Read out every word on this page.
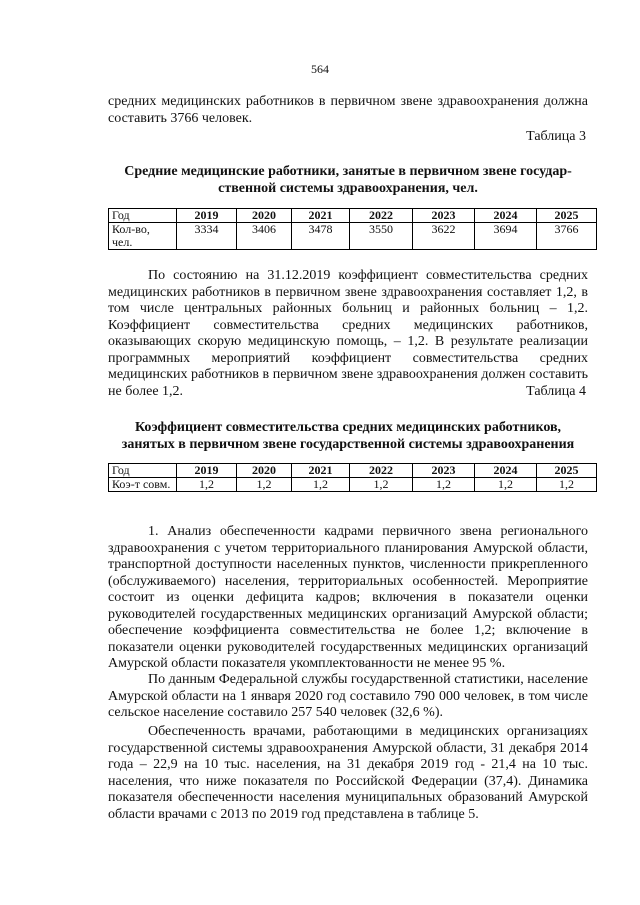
564

средних медицинских работников в первичном звене здравоохранения должна составить 3766 человек.

Таблица 3

Средние медицинские работники, занятые в первичном звене государ-
ственной системы здравоохранения, чел.

Год	2019	2020	2021	2022	2023	2024	2025
Кол-во, чел.	3334	3406	3478	3550	3622	3694	3766

По состоянию на 31.12.2019 коэффициент совместительства средних медицинских работников в первичном звене здравоохранения составляет 1,2, в том числе центральных районных больниц и районных больниц – 1,2. Коэффициент совместительства средних медицинских работников, оказывающих скорую медицинскую помощь, – 1,2. В результате реализации программных мероприятий коэффициент совместительства средних медицинских работников в первичном звене здравоохранения должен составить не более 1,2.	Таблица 4

Коэффициент совместительства средних медицинских работников,
занятых в первичном звене государственной системы здравоохранения

Год	2019	2020	2021	2022	2023	2024	2025
Коэ-т совм.	1,2	1,2	1,2	1,2	1,2	1,2	1,2

1. Анализ обеспеченности кадрами первичного звена регионального здравоохранения с учетом территориального планирования Амурской области, транспортной доступности населенных пунктов, численности прикрепленного (обслуживаемого) населения, территориальных особенностей. Мероприятие состоит из оценки дефицита кадров; включения в показатели оценки руководителей государственных медицинских организаций Амурской области; обеспечение коэффициента совместительства не более 1,2; включение в показатели оценки руководителей государственных медицинских организаций Амурской области показателя укомплектованности не менее 95 %.

По данным Федеральной службы государственной статистики, население Амурской области на 1 января 2020 год составило 790 000 человек, в том числе сельское население составило 257 540 человек (32,6 %).

Обеспеченность врачами, работающими в медицинских организациях государственной системы здравоохранения Амурской области, 31 декабря 2014 года – 22,9 на 10 тыс. населения, на 31 декабря 2019 год - 21,4 на 10 тыс. населения, что ниже показателя по Российской Федерации (37,4). Динамика показателя обеспеченности населения муниципальных образований Амурской области врачами с 2013 по 2019 год представлена в таблице 5.
